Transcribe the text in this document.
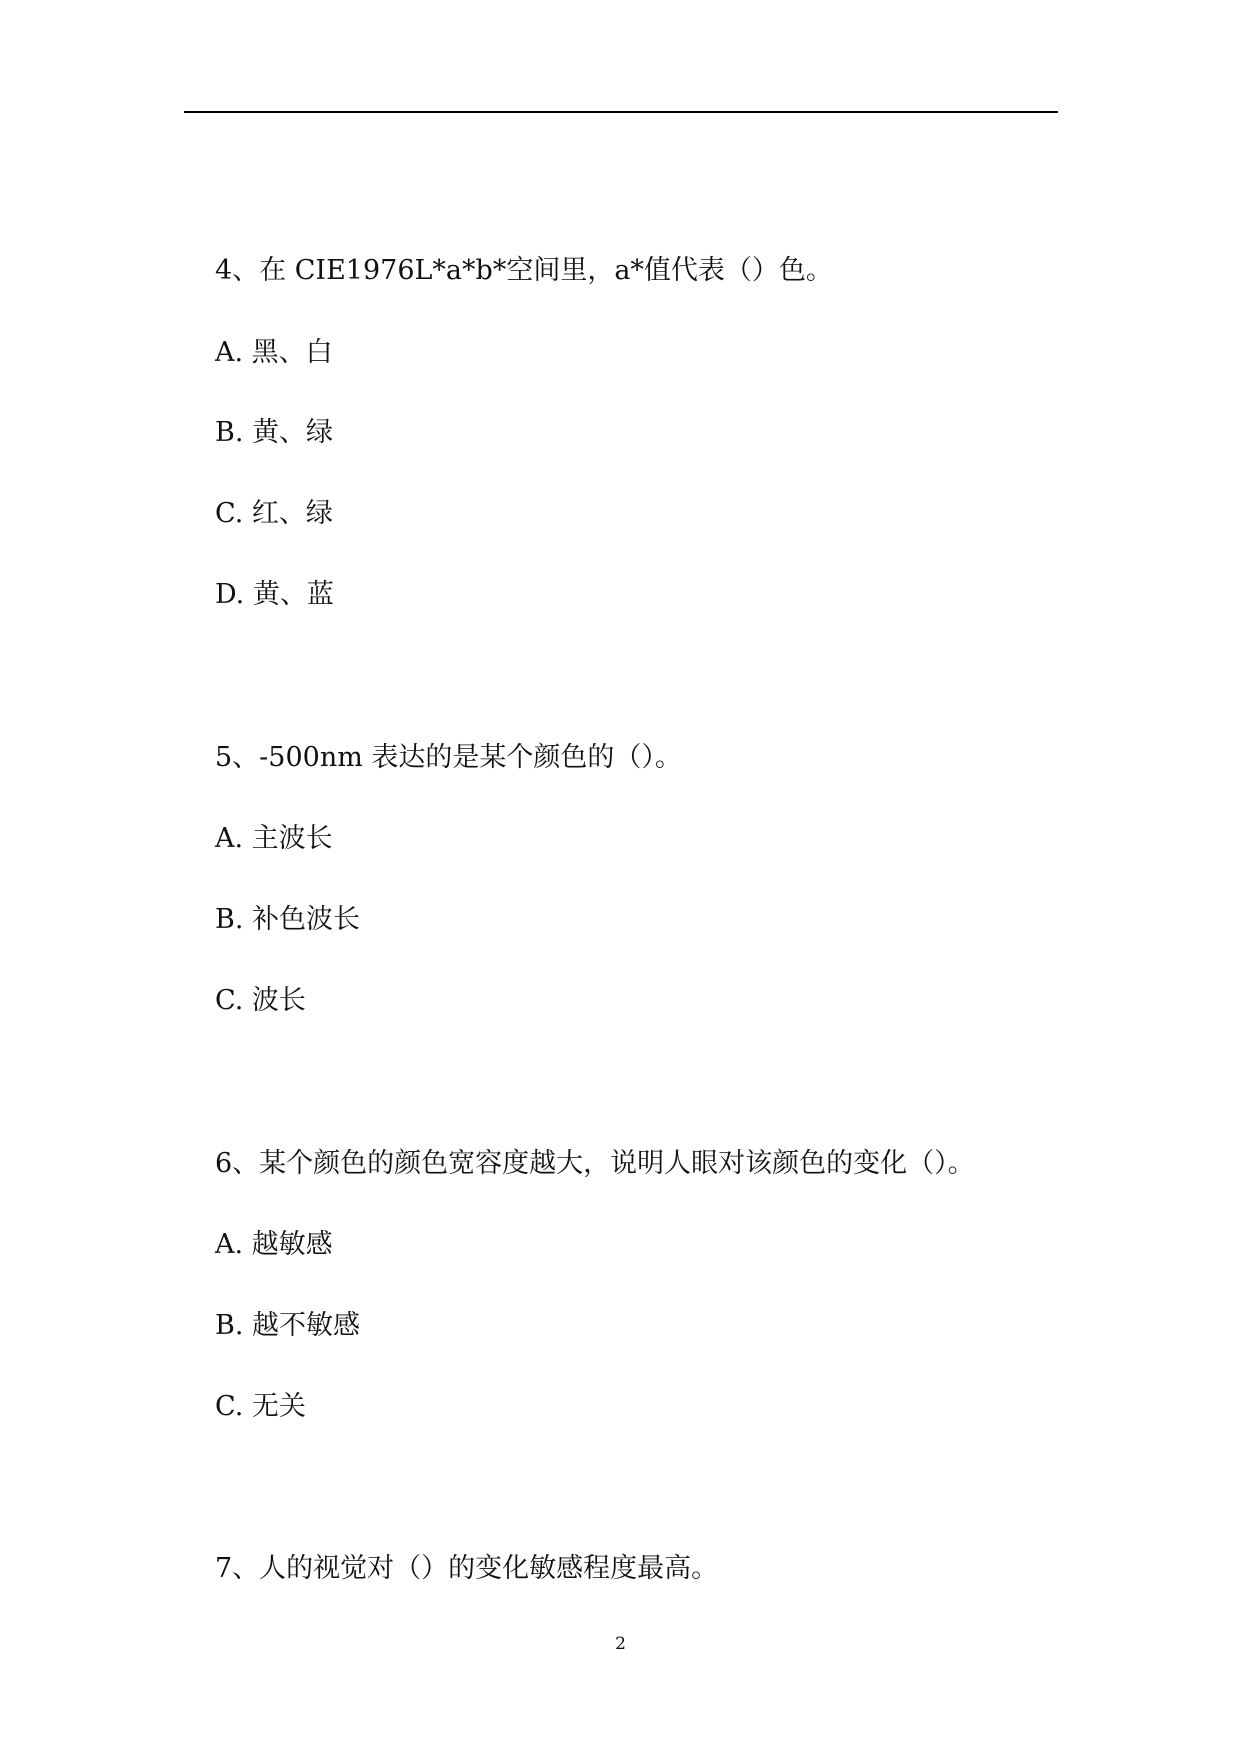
4、在 CIE1976L*a*b*空间里，a*值代表（）色。
A. 黑、白
B. 黄、绿
C. 红、绿
D. 黄、蓝
5、-500nm 表达的是某个颜色的（）。
A. 主波长
B. 补色波长
C. 波长
6、某个颜色的颜色宽容度越大，说明人眼对该颜色的变化（）。
A. 越敏感
B. 越不敏感
C. 无关
7、人的视觉对（）的变化敏感程度最高。
2
